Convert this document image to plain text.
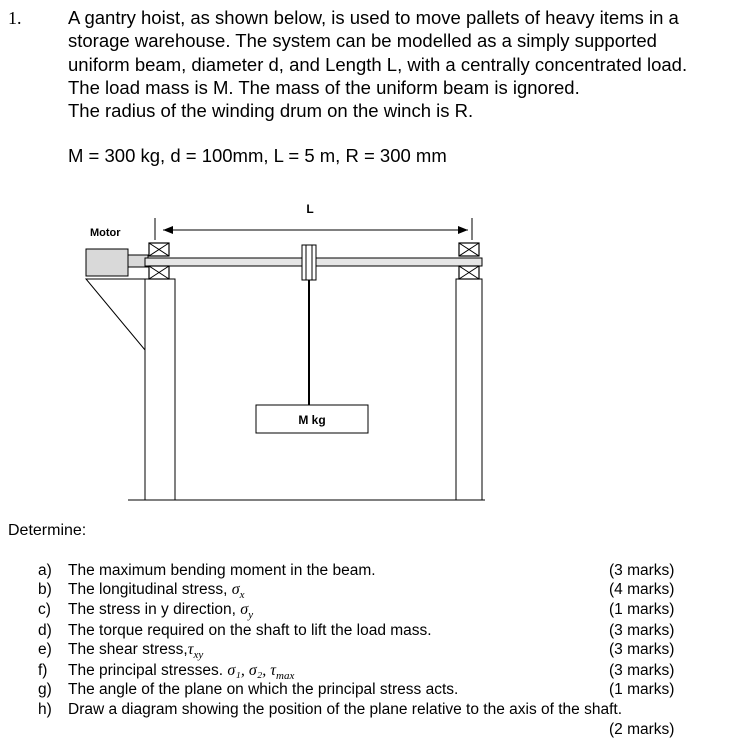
1.	A gantry hoist, as shown below, is used to move pallets of heavy items in a
storage warehouse. The system can be modelled as a simply supported
uniform beam, diameter d, and Length L, with a centrally concentrated load.
The load mass is M. The mass of the uniform beam is ignored.
The radius of the winding drum on the winch is R.
M = 300 kg, d = 100mm, L = 5 m, R = 300 mm
L
Motor
M kg
Determine:
a) The maximum bending moment in the beam.	(3 marks)
b) The longitudinal stress, $\sigma_x$	(4 marks)
c) The stress in y direction, $\sigma_y$	(1 marks)
d) The torque required on the shaft to lift the load mass.	(3 marks)
e) The shear $stress,\tau_{xy}$	(3 marks)
f) The principal stresses. σ₁, σ₂, $\tau_{max}$	(3 marks)
g) The angle of the plane on which the principal stress acts.	(1 marks)
h) Draw a diagram showing the position of the plane relative to the axis of the shaft.
(2 marks)
